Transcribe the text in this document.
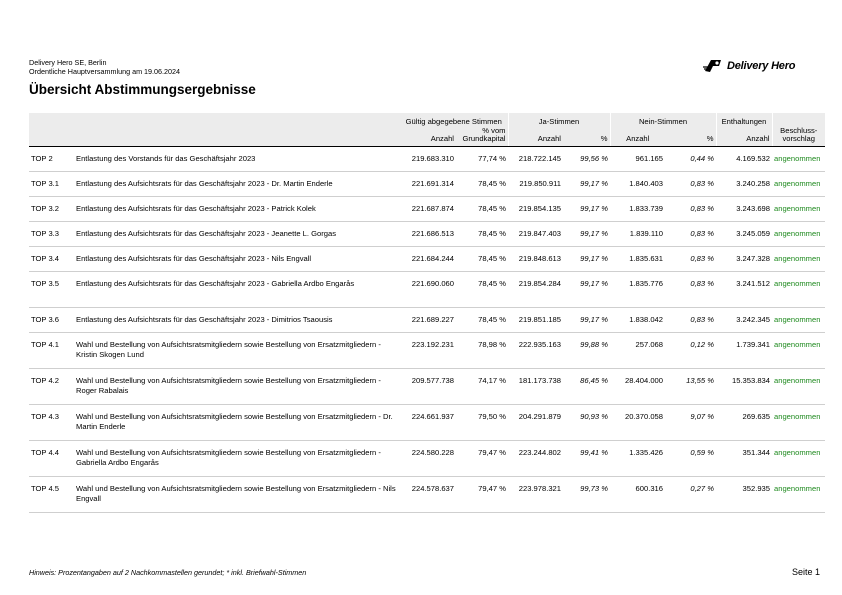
Delivery Hero SE, Berlin
Ordentliche Hauptversammlung am 19.06.2024	Delivery Hero
Übersicht Abstimmungsergebnisse
		Gültig abgegebene Stimmen		Ja-Stimmen		Nein-Stimmen		Enthaltungen	
		Anzahl	% vom Grundkapital	Anzahl	%	Anzahl	%	Anzahl	Beschluss-vorschlag
TOP 2	Entlastung des Vorstands für das Geschäftsjahr 2023	219.683.310	77,74 %	218.722.145	99,56 %	961.165	0,44 %	4.169.532	angenommen
TOP 3.1	Entlastung des Aufsichtsrats für das Geschäftsjahr 2023 - Dr. Martin Enderle	221.691.314	78,45 %	219.850.911	99,17 %	1.840.403	0,83 %	3.240.258	angenommen
TOP 3.2	Entlastung des Aufsichtsrats für das Geschäftsjahr 2023 - Patrick Kolek	221.687.874	78,45 %	219.854.135	99,17 %	1.833.739	0,83 %	3.243.698	angenommen
TOP 3.3	Entlastung des Aufsichtsrats für das Geschäftsjahr 2023 - Jeanette L. Gorgas	221.686.513	78,45 %	219.847.403	99,17 %	1.839.110	0,83 %	3.245.059	angenommen
TOP 3.4	Entlastung des Aufsichtsrats für das Geschäftsjahr 2023 - Nils Engvall	221.684.244	78,45 %	219.848.613	99,17 %	1.835.631	0,83 %	3.247.328	angenommen
TOP 3.5	Entlastung des Aufsichtsrats für das Geschäftsjahr 2023 - Gabriella Ardbo Engarås	221.690.060	78,45 %	219.854.284	99,17 %	1.835.776	0,83 %	3.241.512	angenommen
TOP 3.6	Entlastung des Aufsichtsrats für das Geschäftsjahr 2023 - Dimitrios Tsaousis	221.689.227	78,45 %	219.851.185	99,17 %	1.838.042	0,83 %	3.242.345	angenommen
TOP 4.1	Wahl und Bestellung von Aufsichtsratsmitgliedern sowie Bestellung von Ersatzmitgliedern - Kristin Skogen Lund	223.192.231	78,98 %	222.935.163	99,88 %	257.068	0,12 %	1.739.341	angenommen
TOP 4.2	Wahl und Bestellung von Aufsichtsratsmitgliedern sowie Bestellung von Ersatzmitgliedern - Roger Rabalais	209.577.738	74,17 %	181.173.738	86,45 %	28.404.000	13,55 %	15.353.834	angenommen
TOP 4.3	Wahl und Bestellung von Aufsichtsratsmitgliedern sowie Bestellung von Ersatzmitgliedern - Dr. Martin Enderle	224.661.937	79,50 %	204.291.879	90,93 %	20.370.058	9,07 %	269.635	angenommen
TOP 4.4	Wahl und Bestellung von Aufsichtsratsmitgliedern sowie Bestellung von Ersatzmitgliedern - Gabriella Ardbo Engarås	224.580.228	79,47 %	223.244.802	99,41 %	1.335.426	0,59 %	351.344	angenommen
TOP 4.5	Wahl und Bestellung von Aufsichtsratsmitgliedern sowie Bestellung von Ersatzmitgliedern - Nils Engvall	224.578.637	79,47 %	223.978.321	99,73 %	600.316	0,27 %	352.935	angenommen
Hinweis: Prozentangaben auf 2 Nachkommastellen gerundet; * inkl. Briefwahl-Stimmen	Seite 1
